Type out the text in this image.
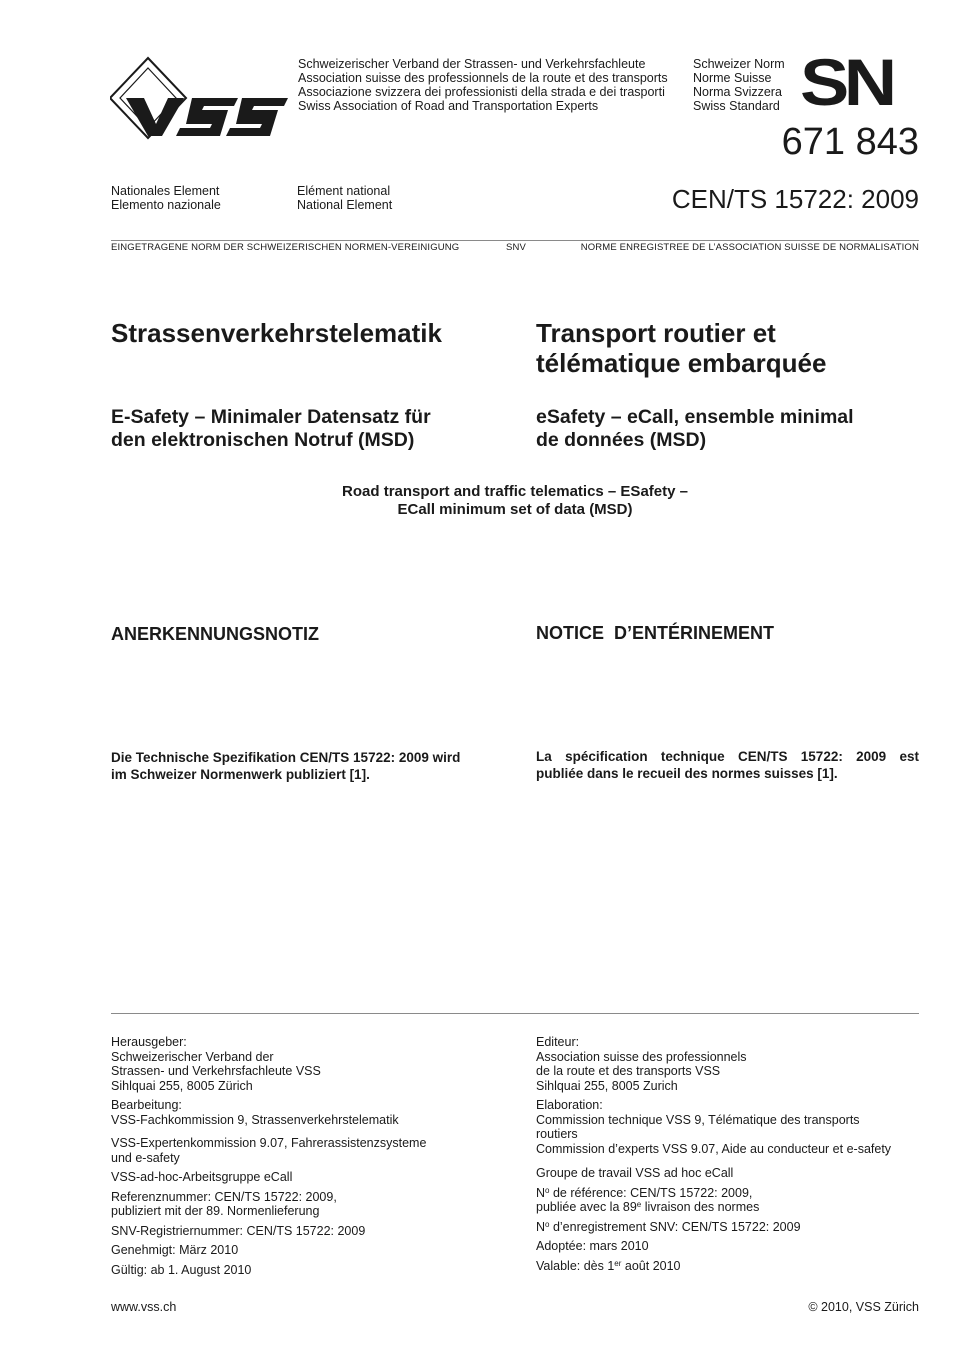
Schweizerischer Verband der Strassen- und Verkehrsfachleute
Association suisse des professionnels de la route et des transports
Associazione svizzera dei professionisti della strada e dei trasporti
Swiss Association of Road and Transportation Experts
Schweizer Norm
Norme Suisse
Norma Svizzera
Swiss Standard SN
671 843
Nationales Element
Elemento nazionale
Elément national
National Element	CEN/TS 15722: 2009
EINGETRAGENE NORM DER SCHWEIZERISCHEN NORMEN-VEREINIGUNG	SNV	NORME ENREGISTREE DE L’ASSOCIATION SUISSE DE NORMALISATION
Strassenverkehrstelematik	Transport routier et
télématique embarquée
E-Safety – Minimaler Datensatz für
den elektronischen Notruf (MSD)
eSafety – eCall, ensemble minimal
de données (MSD)
Road transport and traffic telematics – ESafety –
ECall minimum set of data (MSD)
ANERKENNUNGSNOTIZ	NOTICE  D’ENTÉRINEMENT
Die Technische Spezifikation CEN/TS 15722: 2009 wird
im Schweizer Normenwerk publiziert [1].
La spécification technique CEN/TS 15722: 2009 est
publiée dans le recueil des normes suisses [1].
Herausgeber:
Schweizerischer Verband der
Strassen- und Verkehrsfachleute VSS
Sihlquai 255, 8005 Zürich
Bearbeitung:
VSS-Fachkommission 9, Strassenverkehrstelematik
VSS-Expertenkommission 9.07, Fahrerassistenzsysteme
und e-safety
VSS-ad-hoc-Arbeitsgruppe eCall
Referenznummer: CEN/TS 15722: 2009,
publiziert mit der 89. Normenlieferung
SNV-Registriernummer: CEN/TS 15722: 2009
Genehmigt: März 2010
Gültig: ab 1. August 2010
Editeur:
Association suisse des professionnels
de la route et des transports VSS
Sihlquai 255, 8005 Zurich
Elaboration:
Commission technique VSS 9, Télématique des transports
routiers
Commission d’experts VSS 9.07, Aide au conducteur et e-safety
Groupe de travail VSS ad hoc eCall
$N^o$ de référence: CEN/TS 15722: 2009,
publiée avec la 89e livraison des normes
$N^o$ d’enregistrement SNV: CEN/TS 15722: 2009
Adoptée: mars 2010
Valable: dès 1er août 2010
www.vss.ch	© 2010, VSS Zürich
